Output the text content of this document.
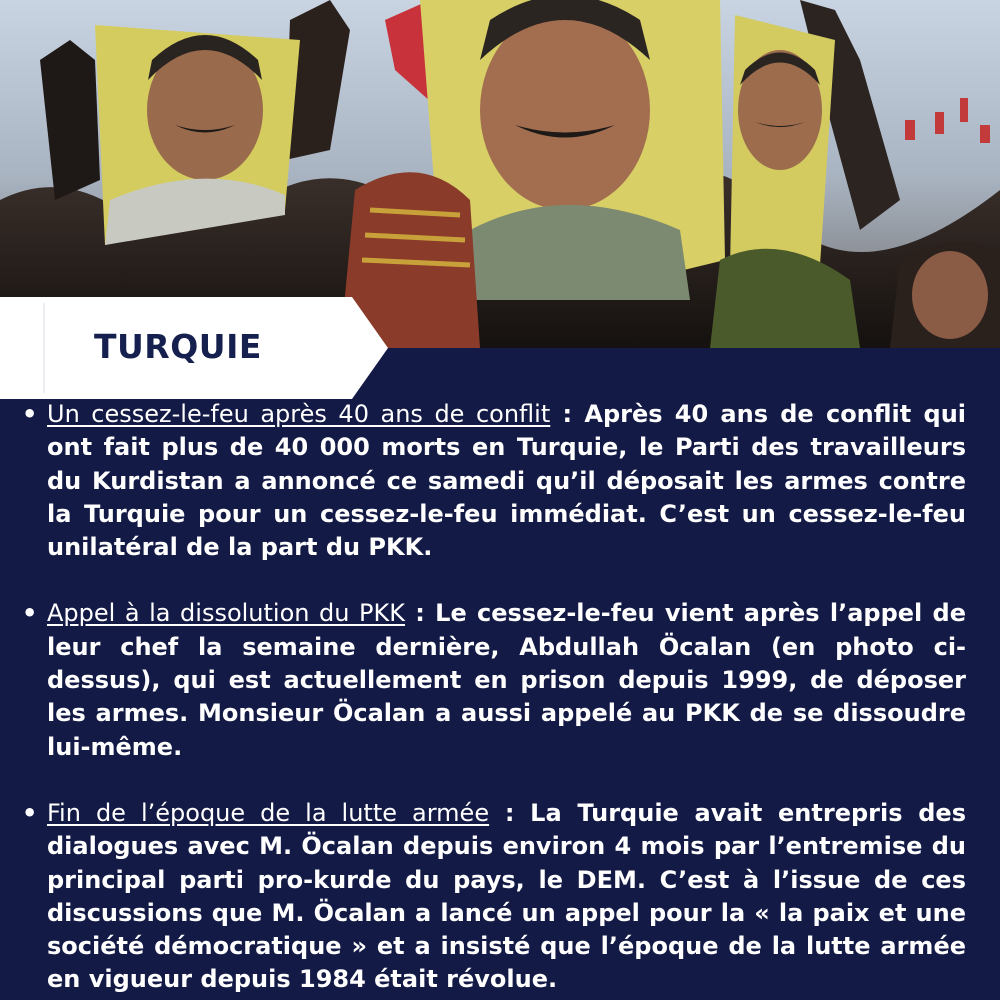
TURQUIE

• Un cessez-le-feu après 40 ans de conflit : Après 40 ans de conflit qui ont fait plus de 40 000 morts en Turquie, le Parti des travailleurs du Kurdistan a annoncé ce samedi qu’il déposait les armes contre la Turquie pour un cessez-le-feu immédiat. C’est un cessez-le-feu unilatéral de la part du PKK.

• Appel à la dissolution du PKK : Le cessez-le-feu vient après l’appel de leur chef la semaine dernière, Abdullah Öcalan (en photo ci-dessus), qui est actuellement en prison depuis 1999, de déposer les armes. Monsieur Öcalan a aussi appelé au PKK de se dissoudre lui-même.

• Fin de l’époque de la lutte armée : La Turquie avait entrepris des dialogues avec M. Öcalan depuis environ 4 mois par l’entremise du principal parti pro-kurde du pays, le DEM. C’est à l’issue de ces discussions que M. Öcalan a lancé un appel pour la « la paix et une société démocratique » et a insisté que l’époque de la lutte armée en vigueur depuis 1984 était révolue.
